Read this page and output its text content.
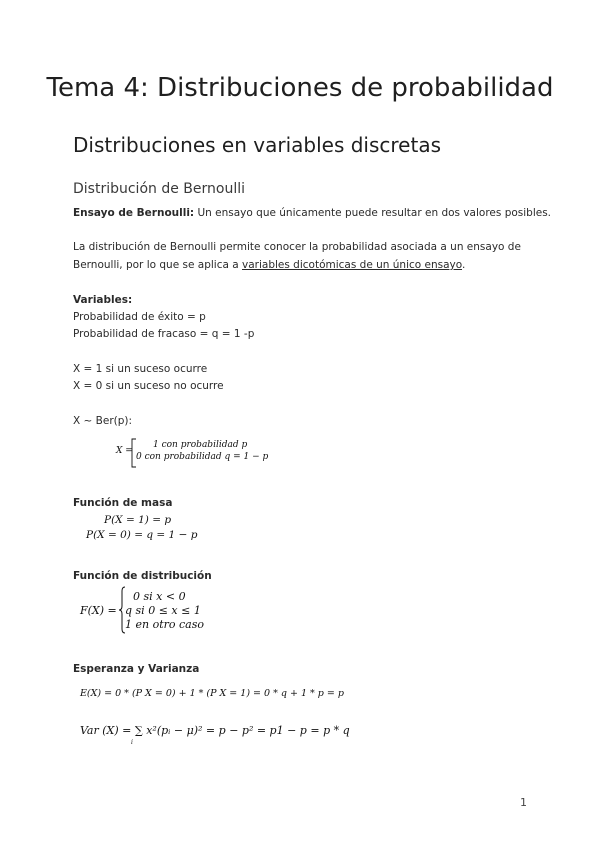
Tema 4: Distribuciones de probabilidad
Distribuciones en variables discretas
Distribución de Bernoulli
Ensayo de Bernoulli: Un ensayo que únicamente puede resultar en dos valores posibles.
La distribución de Bernoulli permite conocer la probabilidad asociada a un ensayo de
Bernoulli, por lo que se aplica a variables dicotómicas de un único ensayo.
Variables:
Probabilidad de éxito = p
Probabilidad de fracaso = q = 1 -p
X = 1 si un suceso ocurre
X = 0 si un suceso no ocurre
X ~ Ber(p):
X =
1 con probabilidad p
0 con probabilidad q = 1 − p
Función de masa
P(X = 1) = p
P(X = 0) = q = 1 − p
Función de distribución
F(X) =
0 si x < 0
q si 0 ≤ x ≤ 1
1 en otro caso
Esperanza y Varianza
E(X) = 0 * (P X = 0) + 1 * (P X = 1) = 0 * q + 1 * p = p
Var (X) = ∑ x²(pᵢ − μ)² = p − p² = p1 − p = p * q
i
1
